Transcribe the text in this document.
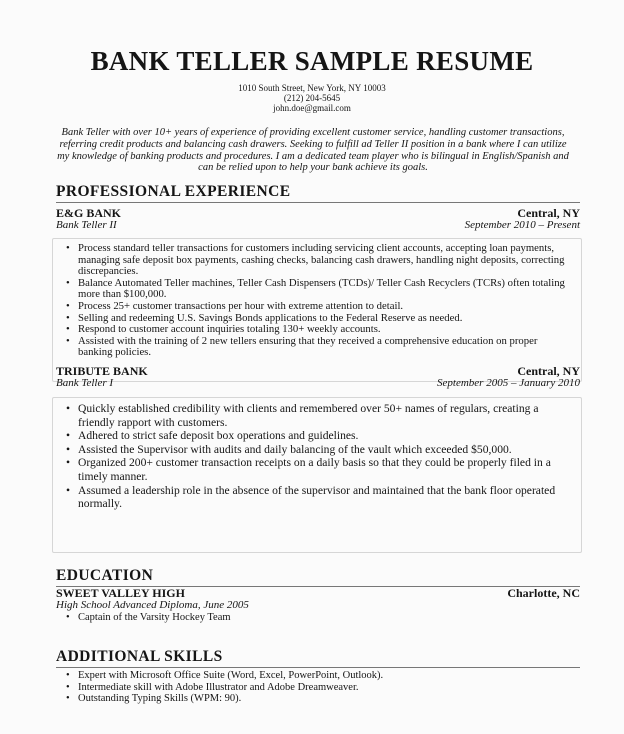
BANK TELLER SAMPLE RESUME
1010 South Street, New York, NY 10003
(212) 204-5645
john.doe@gmail.com

Bank Teller with over 10+ years of experience of providing excellent customer service, handling customer transactions, referring credit products and balancing cash drawers. Seeking to fulfill ad Teller II position in a bank where I can utilize my knowledge of banking products and procedures. I am a dedicated team player who is bilingual in English/Spanish and can be relied upon to help your bank achieve its goals.

PROFESSIONAL EXPERIENCE
E&G BANK	Central, NY
Bank Teller II	September 2010 – Present
• Process standard teller transactions for customers including servicing client accounts, accepting loan payments, managing safe deposit box payments, cashing checks, balancing cash drawers, handling night deposits, correcting discrepancies.
• Balance Automated Teller machines, Teller Cash Dispensers (TCDs)/ Teller Cash Recyclers (TCRs) often totaling more than $100,000.
• Process 25+ customer transactions per hour with extreme attention to detail.
• Selling and redeeming U.S. Savings Bonds applications to the Federal Reserve as needed.
• Respond to customer account inquiries totaling 130+ weekly accounts.
• Assisted with the training of 2 new tellers ensuring that they received a comprehensive education on proper banking policies.
TRIBUTE BANK	Central, NY
Bank Teller I	September 2005 – January 2010
• Quickly established credibility with clients and remembered over 50+ names of regulars, creating a friendly rapport with customers.
• Adhered to strict safe deposit box operations and guidelines.
• Assisted the Supervisor with audits and daily balancing of the vault which exceeded $50,000.
• Organized 200+ customer transaction receipts on a daily basis so that they could be properly filed in a timely manner.
• Assumed a leadership role in the absence of the supervisor and maintained that the bank floor operated normally.
EDUCATION
SWEET VALLEY HIGH	Charlotte, NC
High School Advanced Diploma, June 2005
• Captain of the Varsity Hockey Team
ADDITIONAL SKILLS
• Expert with Microsoft Office Suite (Word, Excel, PowerPoint, Outlook).
• Intermediate skill with Adobe Illustrator and Adobe Dreamweaver.
• Outstanding Typing Skills (WPM: 90).
